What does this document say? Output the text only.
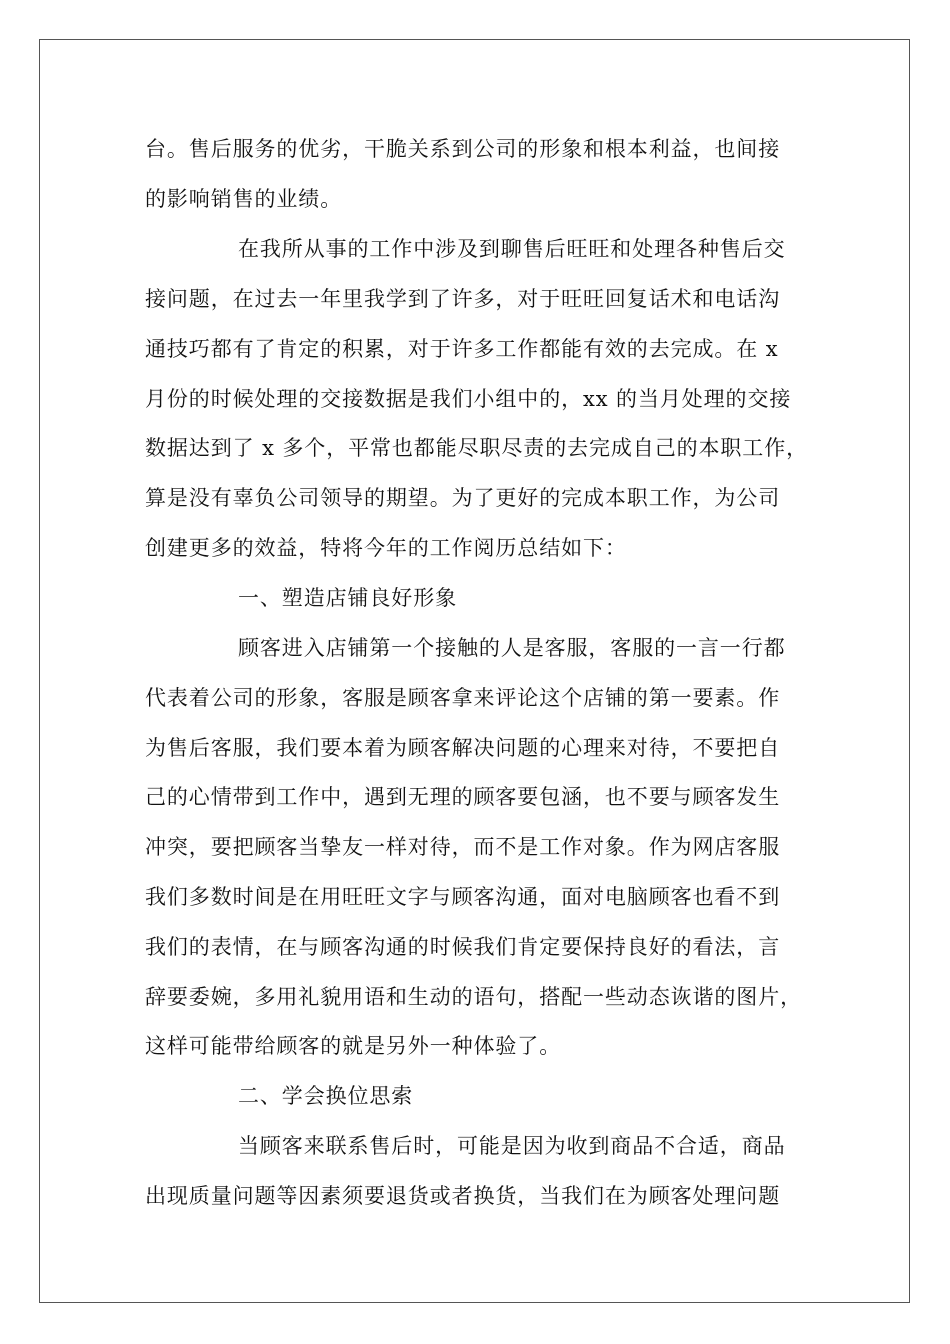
台。售后服务的优劣，干脆关系到公司的形象和根本利益，也间接
的影响销售的业绩。
在我所从事的工作中涉及到聊售后旺旺和处理各种售后交
接问题，在过去一年里我学到了许多，对于旺旺回复话术和电话沟
通技巧都有了肯定的积累，对于许多工作都能有效的去完成。在 x
月份的时候处理的交接数据是我们小组中的，xx 的当月处理的交接
数据达到了 x 多个，平常也都能尽职尽责的去完成自己的本职工作，
算是没有辜负公司领导的期望。为了更好的完成本职工作，为公司
创建更多的效益，特将今年的工作阅历总结如下：
一、塑造店铺良好形象
顾客进入店铺第一个接触的人是客服，客服的一言一行都
代表着公司的形象，客服是顾客拿来评论这个店铺的第一要素。作
为售后客服，我们要本着为顾客解决问题的心理来对待，不要把自
己的心情带到工作中，遇到无理的顾客要包涵，也不要与顾客发生
冲突，要把顾客当挚友一样对待，而不是工作对象。作为网店客服
我们多数时间是在用旺旺文字与顾客沟通，面对电脑顾客也看不到
我们的表情，在与顾客沟通的时候我们肯定要保持良好的看法，言
辞要委婉，多用礼貌用语和生动的语句，搭配一些动态诙谐的图片，
这样可能带给顾客的就是另外一种体验了。
二、学会换位思索
当顾客来联系售后时，可能是因为收到商品不合适，商品
出现质量问题等因素须要退货或者换货，当我们在为顾客处理问题
